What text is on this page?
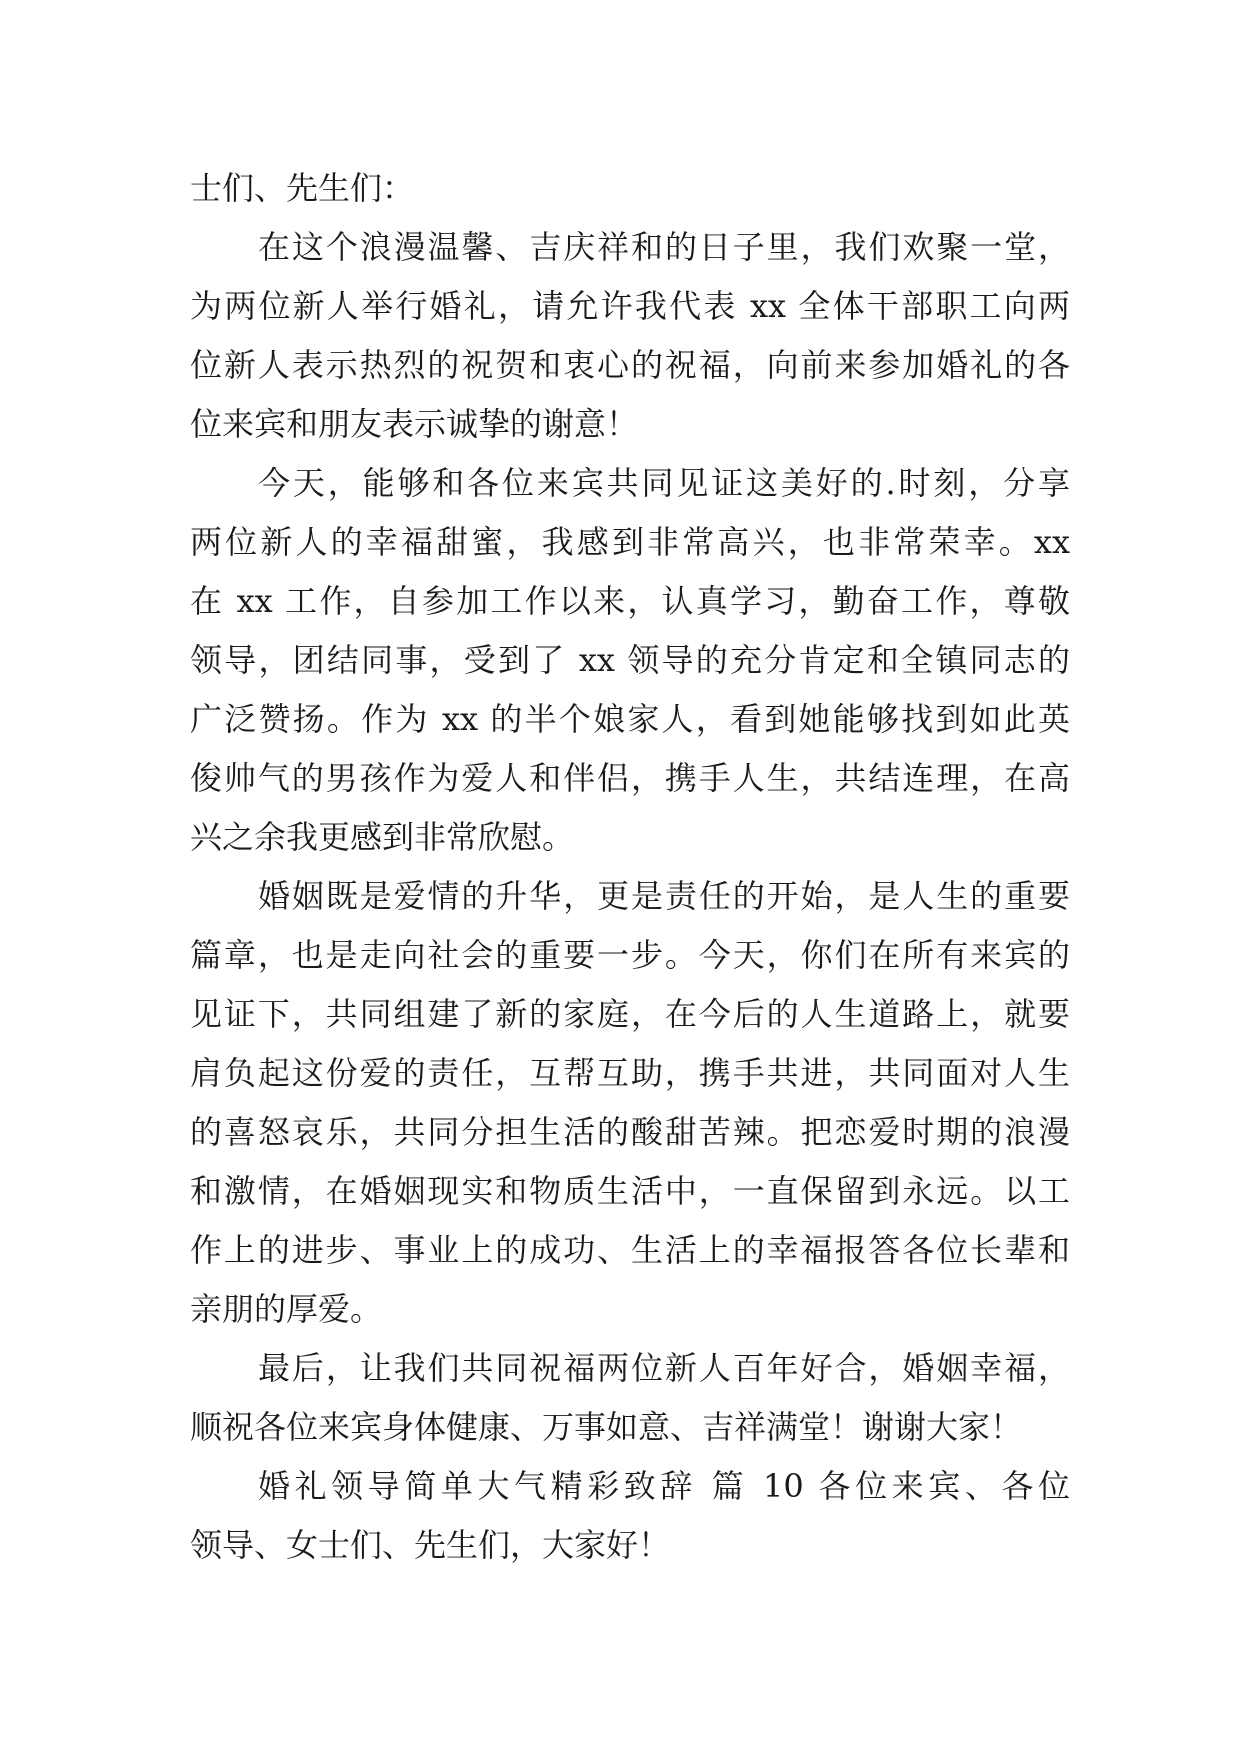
士们、先生们：
在这个浪漫温馨、吉庆祥和的日子里，我们欢聚一堂，
为两位新人举行婚礼，请允许我代表 xx 全体干部职工向两
位新人表示热烈的祝贺和衷心的祝福，向前来参加婚礼的各
位来宾和朋友表示诚挚的谢意！
今天，能够和各位来宾共同见证这美好的.时刻，分享
两位新人的幸福甜蜜，我感到非常高兴，也非常荣幸。xx
在 xx 工作，自参加工作以来，认真学习，勤奋工作，尊敬
领导，团结同事，受到了 xx 领导的充分肯定和全镇同志的
广泛赞扬。作为 xx 的半个娘家人，看到她能够找到如此英
俊帅气的男孩作为爱人和伴侣，携手人生，共结连理，在高
兴之余我更感到非常欣慰。
婚姻既是爱情的升华，更是责任的开始，是人生的重要
篇章，也是走向社会的重要一步。今天，你们在所有来宾的
见证下，共同组建了新的家庭，在今后的人生道路上，就要
肩负起这份爱的责任，互帮互助，携手共进，共同面对人生
的喜怒哀乐，共同分担生活的酸甜苦辣。把恋爱时期的浪漫
和激情，在婚姻现实和物质生活中，一直保留到永远。以工
作上的进步、事业上的成功、生活上的幸福报答各位长辈和
亲朋的厚爱。
最后，让我们共同祝福两位新人百年好合，婚姻幸福，
顺祝各位来宾身体健康、万事如意、吉祥满堂！谢谢大家！
婚礼领导简单大气精彩致辞 篇 10 各位来宾、各位
领导、女士们、先生们，大家好！
